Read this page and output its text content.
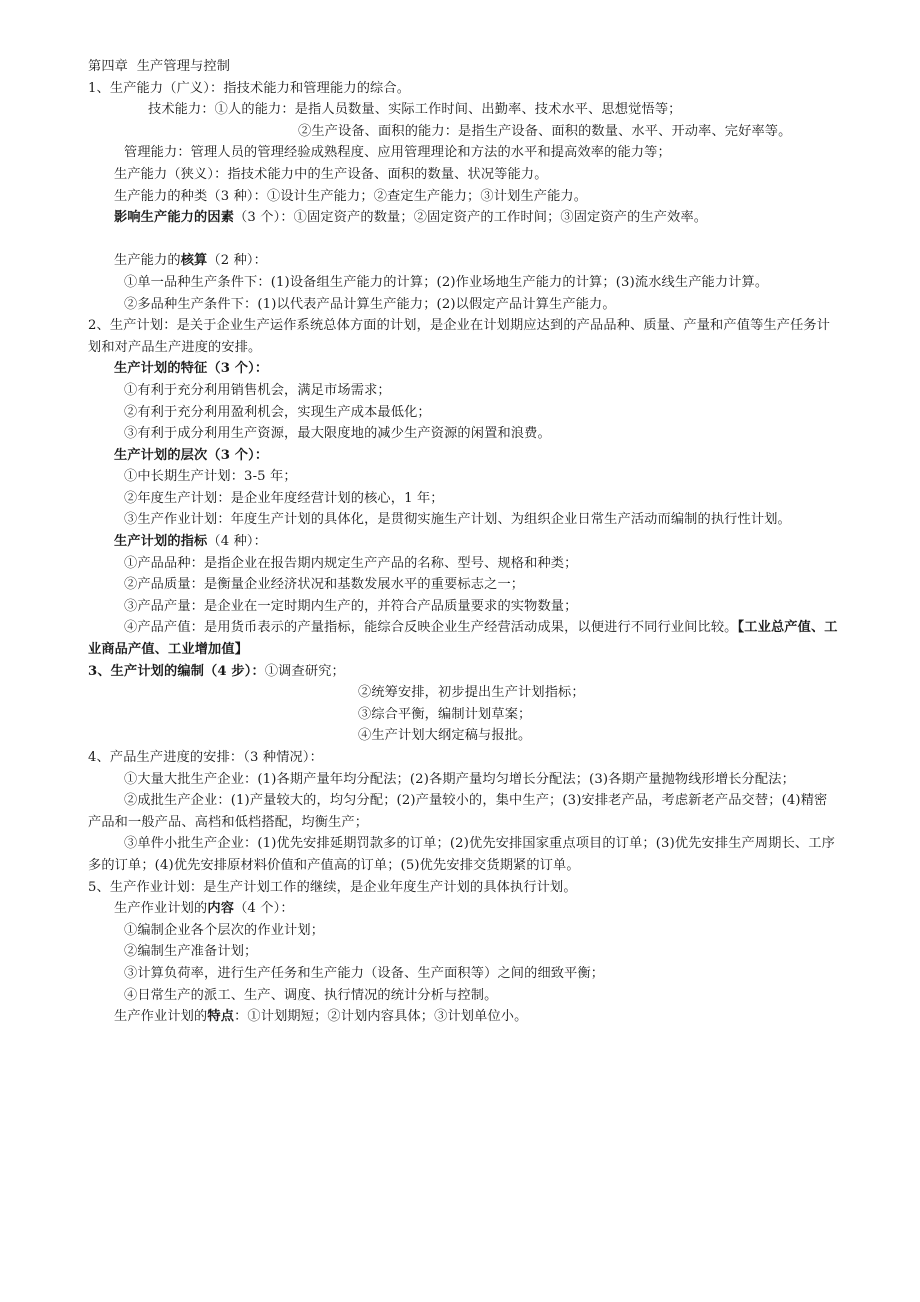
第四章  生产管理与控制

1、生产能力（广义）：指技术能力和管理能力的综合。

技术能力：①人的能力：是指人员数量、实际工作时间、出勤率、技术水平、思想觉悟等；

②生产设备、面积的能力：是指生产设备、面积的数量、水平、开动率、完好率等。

管理能力：管理人员的管理经验成熟程度、应用管理理论和方法的水平和提高效率的能力等；

生产能力（狭义）：指技术能力中的生产设备、面积的数量、状况等能力。

生产能力的种类（3 种）：①设计生产能力；②查定生产能力；③计划生产能力。

影响生产能力的因素（3 个）：①固定资产的数量；②固定资产的工作时间；③固定资产的生产效率。

生产能力的核算（2 种）：

①单一品种生产条件下：(1)设备组生产能力的计算；(2)作业场地生产能力的计算；(3)流水线生产能力计算。

②多品种生产条件下：(1)以代表产品计算生产能力；(2)以假定产品计算生产能力。

2、生产计划：是关于企业生产运作系统总体方面的计划，是企业在计划期应达到的产品品种、质量、产量和产值等生产任务计划和对产品生产进度的安排。

生产计划的特征（3 个）：

①有利于充分利用销售机会，满足市场需求；

②有利于充分利用盈利机会，实现生产成本最低化；

③有利于成分利用生产资源，最大限度地的减少生产资源的闲置和浪费。

生产计划的层次（3 个）：

①中长期生产计划：3-5 年；

②年度生产计划：是企业年度经营计划的核心，1 年；

③生产作业计划：年度生产计划的具体化，是贯彻实施生产计划、为组织企业日常生产活动而编制的执行性计划。

生产计划的指标（4 种）：

①产品品种：是指企业在报告期内规定生产产品的名称、型号、规格和种类；

②产品质量：是衡量企业经济状况和基数发展水平的重要标志之一；

③产品产量：是企业在一定时期内生产的，并符合产品质量要求的实物数量；

④产品产值：是用货币表示的产量指标，能综合反映企业生产经营活动成果，以便进行不同行业间比较。【工业总产值、工业商品产值、工业增加值】

3、生产计划的编制（4 步）：①调查研究；

②统筹安排，初步提出生产计划指标；

③综合平衡，编制计划草案；

④生产计划大纲定稿与报批。

4、产品生产进度的安排：（3 种情况）：

①大量大批生产企业：(1)各期产量年均分配法；(2)各期产量均匀增长分配法；(3)各期产量抛物线形增长分配法；

②成批生产企业：(1)产量较大的，均匀分配；(2)产量较小的，集中生产；(3)安排老产品，考虑新老产品交替；(4)精密产品和一般产品、高档和低档搭配，均衡生产；

③单件小批生产企业：(1)优先安排延期罚款多的订单；(2)优先安排国家重点项目的订单；(3)优先安排生产周期长、工序多的订单；(4)优先安排原材料价值和产值高的订单；(5)优先安排交货期紧的订单。

5、生产作业计划：是生产计划工作的继续，是企业年度生产计划的具体执行计划。

生产作业计划的内容（4 个）：

①编制企业各个层次的作业计划；

②编制生产准备计划；

③计算负荷率，进行生产任务和生产能力（设备、生产面积等）之间的细致平衡；

④日常生产的派工、生产、调度、执行情况的统计分析与控制。

生产作业计划的特点：①计划期短；②计划内容具体；③计划单位小。
